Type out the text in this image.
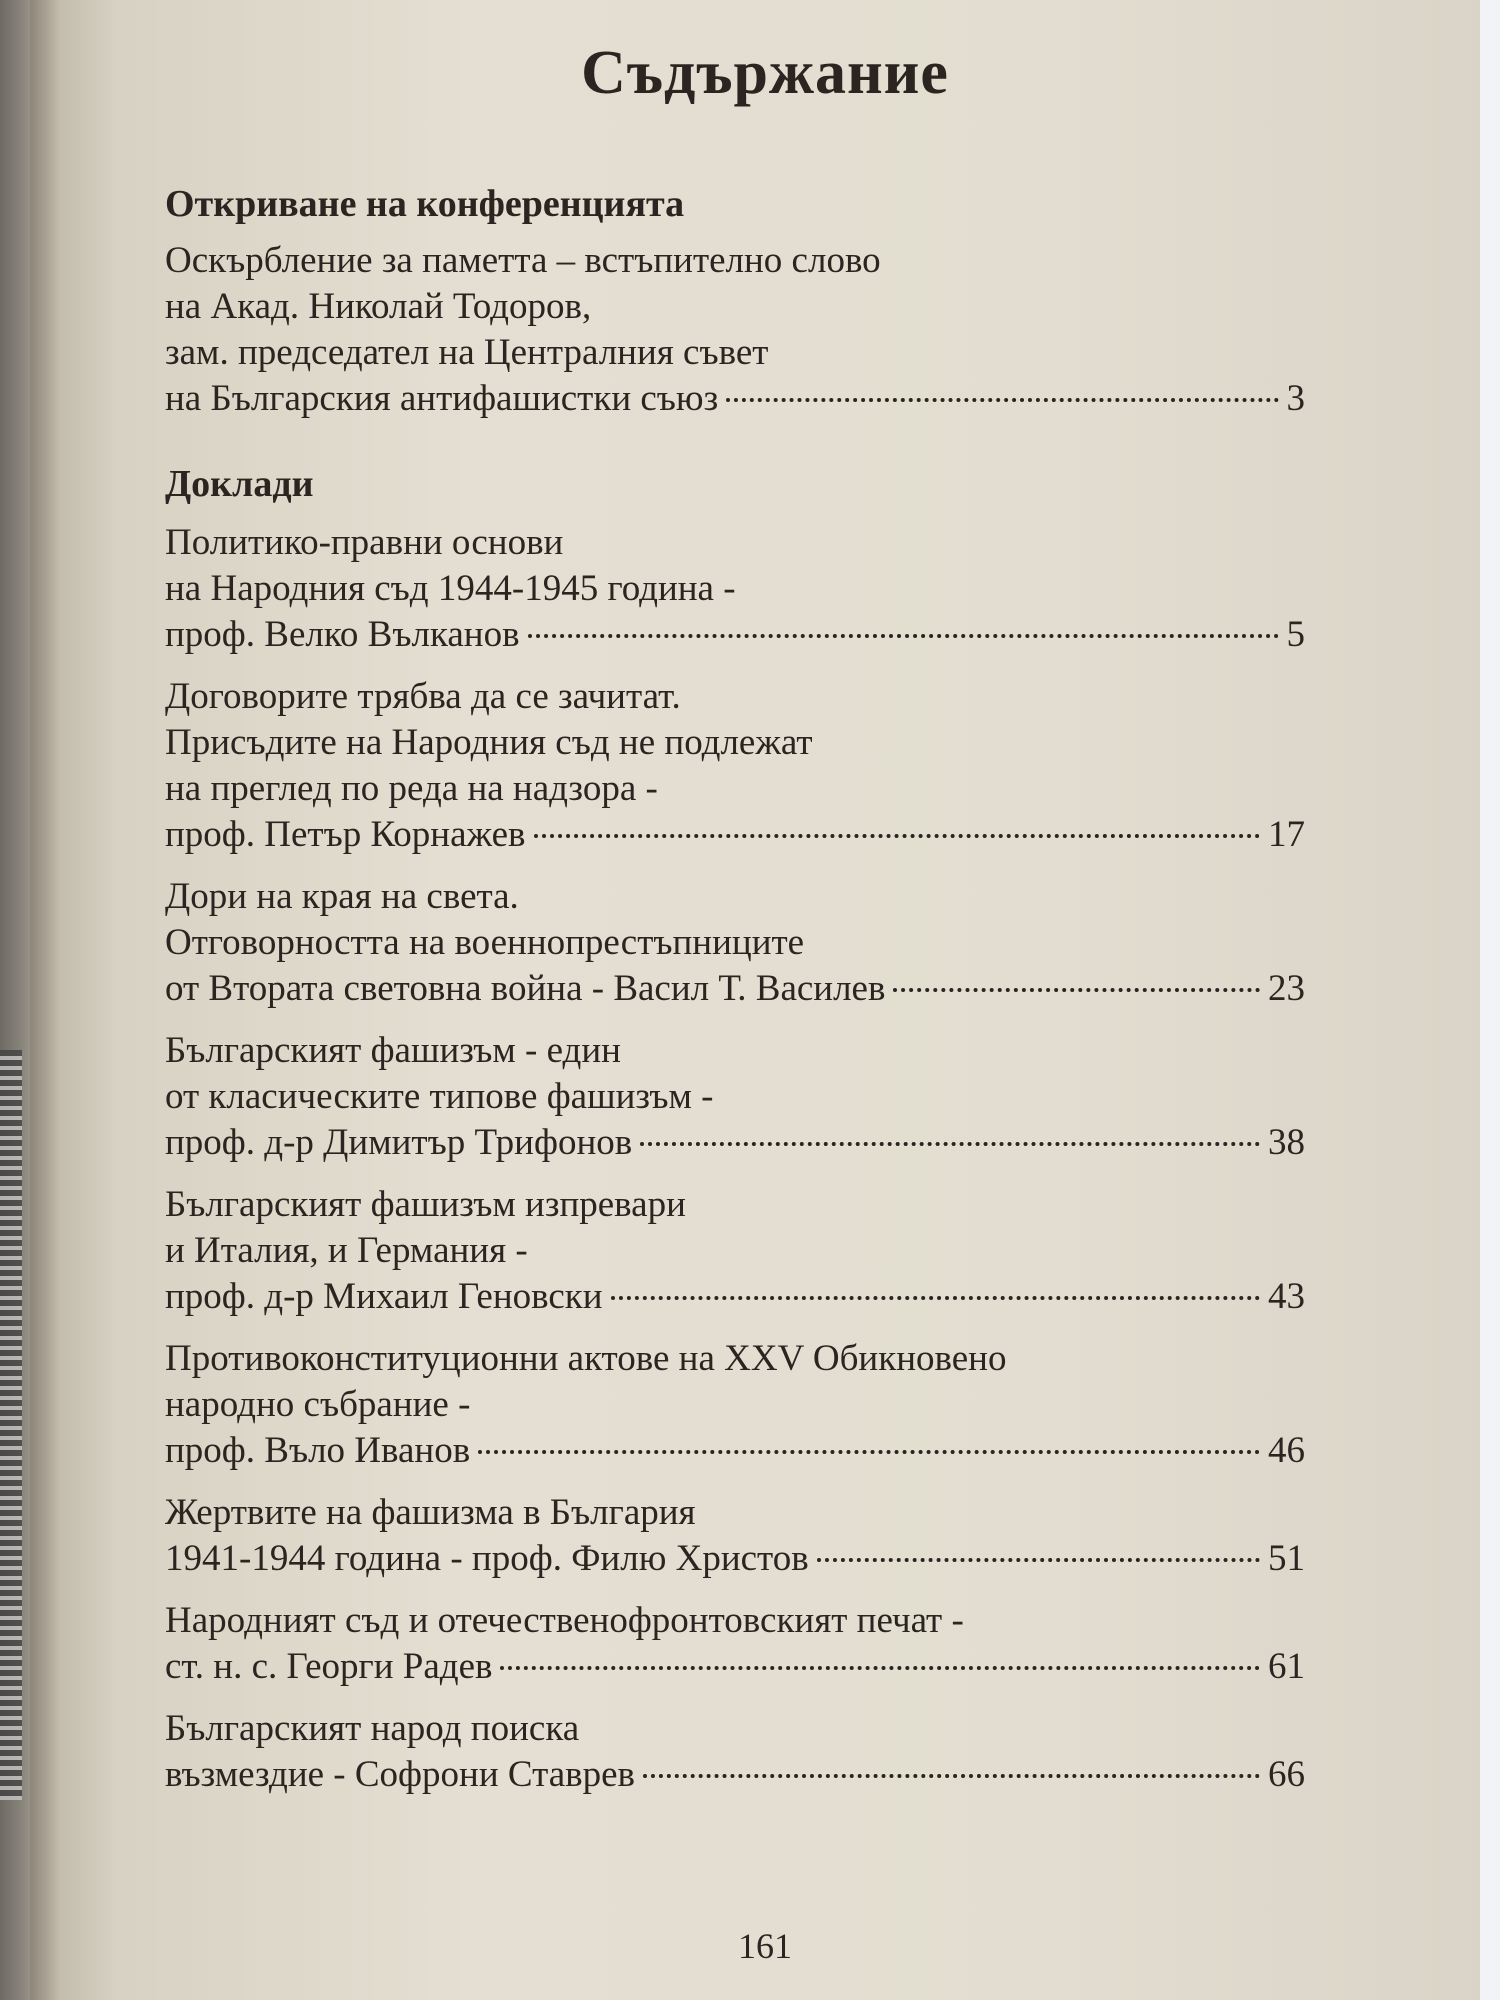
Съдържание
Откриване на конференцията
Оскърбление за паметта – встъпително слово
на Акад. Николай Тодоров,
зам. председател на Централния съвет
на Българския антифашистки съюз	3
Доклади
Политико-правни основи
на Народния съд 1944-1945 година -
проф. Велко Вълканов	5
Договорите трябва да се зачитат.
Присъдите на Народния съд не подлежат
на преглед по реда на надзора -
проф. Петър Корнажев	17
Дори на края на света.
Отговорността на военнопрестъпниците
от Втората световна война - Васил Т. Василев	23
Българският фашизъм - един
от класическите типове фашизъм -
проф. д-р Димитър Трифонов	38
Българският фашизъм изпревари
и Италия, и Германия -
проф. д-р Михаил Геновски	43
Противоконституционни актове на XXV Обикновено
народно събрание -
проф. Въло Иванов	46
Жертвите на фашизма в България
1941-1944 година - проф. Филю Христов	51
Народният съд и отечественофронтовският печат -
ст. н. с. Георги Радев	61
Българският народ поиска
възмездие - Софрони Ставрев	66
161
